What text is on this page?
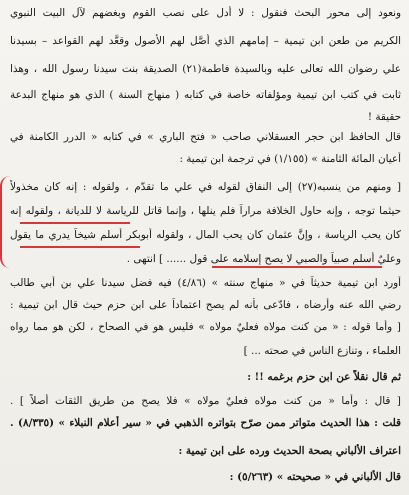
ونعود إلى محور البحث فنقول : لا أدل على نصب القوم وبغضهم لآل البيت النبوي
الكريم من طعن ابن تيمية – إمامهم الذي أصَّل لهم الأصول وقعَّد لهم القواعد – بسيدنا
علي رضوان الله تعالى عليه وبالسيدة فاطمة(٢١) الصديقة بنت سيدنا رسول الله ، وهذا
ثابت في كتب ابن تيمية ومؤلفاته خاصة في كتابه ( منهاج السنة ) الذي هو منهاج البدعة
حقيقة !
قال الحافظ ابن حجر العسقلاني صاحب « فتح الباري » في كتابه « الدرر الكامنة في
أعيان المائة الثامنة » (١/١٥٥) في ترجمة ابن تيمية :
[ ومنهم من ينسبه(٢٧) إلى النفاق لقوله في علي ما تقدّم ، ولقوله : إنه كان مخذولاً
حيثما توجه ، وإنه حاول الخلافة مراراً فلم ينلها ، وإنما قاتل للرياسة لا للديانة ، ولقوله إنه
كان يحب الرياسة ، وإنَّ عثمان كان يحب المال ، ولقوله أبوبكر أسلم شيخاً يدري ما يقول
وعليٌ أسلم صبياً والصبي لا يصح إسلامه على قول ...... ] انتهى .
أورد ابن تيمية حديثاً في « منهاج سنته » (٤/٨٦) فيه فضل سيدنا علي بن أبي طالب
رضي الله عنه وأرضاه ، فادّعى بأنه لم يصح اعتماداً على ابن حزم حيث قال ابن تيمية :
[ وأما قوله : « من كنت مولاه فعليٌ مولاه » فليس هو في الصحاح ، لكن هو مما رواه
العلماء ، وتنازع الناس في صحته ... ]
ثم قال نقلاً عن ابن حزم برغمه !! :
[ قال : وأما « من كنت مولاه فعليٌ مولاه » فلا يصح من طريق الثقات أصلاً ] .
قلت : هذا الحديث متواتر ممن صرّح بتواتره الذهبي في « سير أعلام النبلاء » (٨/٣٣٥) .
اعتراف الألباني بصحة الحديث ورده على ابن تيمية :
قال الألباني في « صحيحته » (٥/٢٦٣) :
